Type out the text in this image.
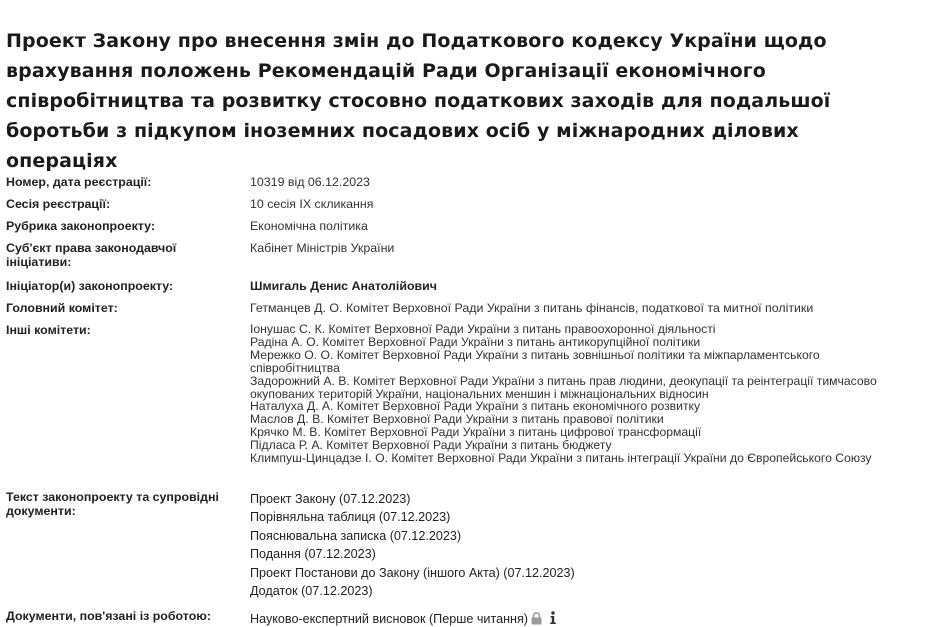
Проект Закону про внесення змін до Податкового кодексу України щодо врахування положень Рекомендацій Ради Організації економічного співробітництва та розвитку стосовно податкових заходів для подальшої боротьби з підкупом іноземних посадових осіб у міжнародних ділових операціях
Номер, дата реєстрації:	10319 від 06.12.2023
Сесія реєстрації:	10 сесія IX скликання
Рубрика законопроекту:	Економічна політика
Суб'єкт права законодавчої ініціативи:
Кабінет Міністрів України
Ініціатор(и) законопроекту:	Шмигаль Денис Анатолійович
Головний комітет:	Гетманцев Д. О. Комітет Верховної Ради України з питань фінансів, податкової та митної політики
Інші комітети:	Іонушас С. К. Комітет Верховної Ради України з питань правоохоронної діяльності
Радіна А. О. Комітет Верховної Ради України з питань антикорупційної політики
Мережко О. О. Комітет Верховної Ради України з питань зовнішньої політики та міжпарламентського співробітництва
Задорожний А. В. Комітет Верховної Ради України з питань прав людини, деокупації та реінтеграції тимчасово окупованих територій України, національних меншин і міжнаціональних відносин
Наталуха Д. А. Комітет Верховної Ради України з питань економічного розвитку
Маслов Д. В. Комітет Верховної Ради України з питань правової політики
Крячко М. В. Комітет Верховної Ради України з питань цифрової трансформації
Підласа Р. А. Комітет Верховної Ради України з питань бюджету
Климпуш-Цинцадзе І. О. Комітет Верховної Ради України з питань інтеграції України до Європейського Союзу
Текст законопроекту та супровідні документи:
Проект Закону (07.12.2023)
Порівняльна таблиця (07.12.2023)
Пояснювальна записка (07.12.2023)
Подання (07.12.2023)
Проект Постанови до Закону (іншого Акта) (07.12.2023)
Додаток (07.12.2023)
Документи, пов'язані із роботою:	Науково-експертний висновок (Перше читання)
